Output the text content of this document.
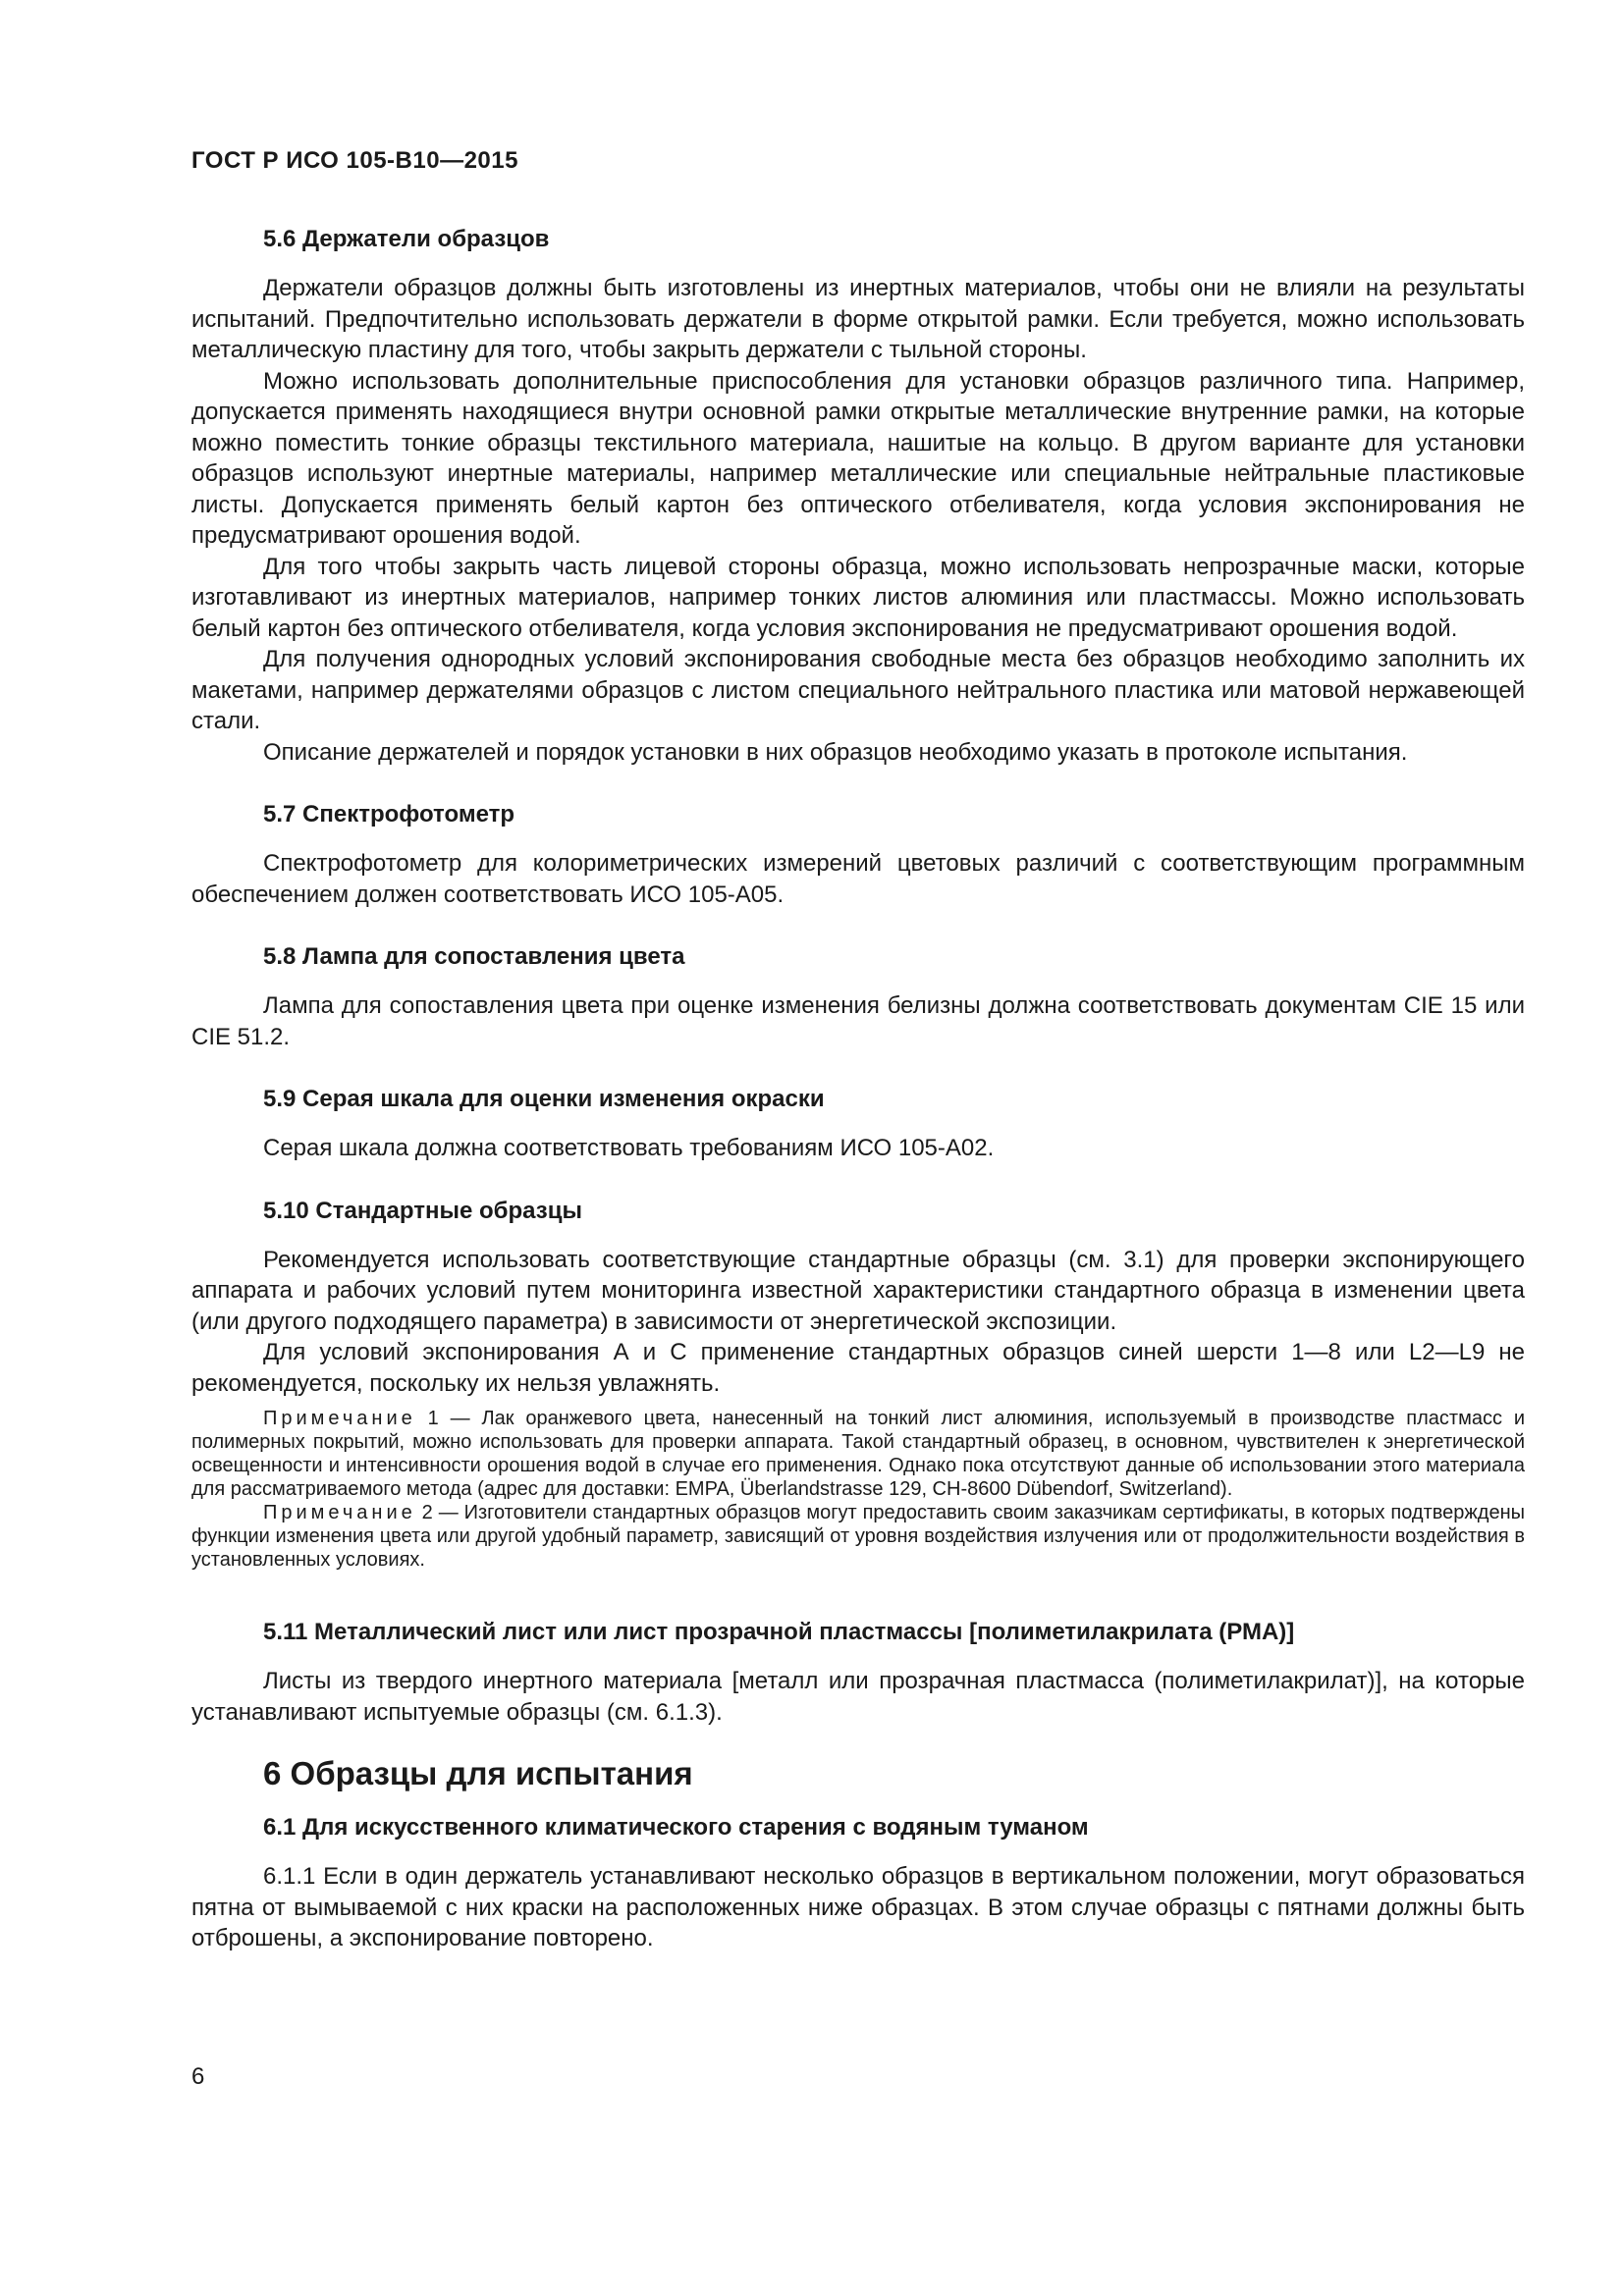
ГОСТ Р ИСО 105-В10—2015
5.6 Держатели образцов

Держатели образцов должны быть изготовлены из инертных материалов, чтобы они не влияли на результаты испытаний. Предпочтительно использовать держатели в форме открытой рамки. Если требуется, можно использовать металлическую пластину для того, чтобы закрыть держатели с тыльной стороны.

Можно использовать дополнительные приспособления для установки образцов различного типа. Например, допускается применять находящиеся внутри основной рамки открытые металлические внутренние рамки, на которые можно поместить тонкие образцы текстильного материала, нашитые на кольцо. В другом варианте для установки образцов используют инертные материалы, например металлические или специальные нейтральные пластиковые листы. Допускается применять белый картон без оптического отбеливателя, когда условия экспонирования не предусматривают орошения водой.

Для того чтобы закрыть часть лицевой стороны образца, можно использовать непрозрачные маски, которые изготавливают из инертных материалов, например тонких листов алюминия или пластмассы. Можно использовать белый картон без оптического отбеливателя, когда условия экспонирования не предусматривают орошения водой.

Для получения однородных условий экспонирования свободные места без образцов необходимо заполнить их макетами, например держателями образцов с листом специального нейтрального пластика или матовой нержавеющей стали.

Описание держателей и порядок установки в них образцов необходимо указать в протоколе испытания.

5.7 Спектрофотометр

Спектрофотометр для колориметрических измерений цветовых различий с соответствующим программным обеспечением должен соответствовать ИСО 105-А05.

5.8 Лампа для сопоставления цвета

Лампа для сопоставления цвета при оценке изменения белизны должна соответствовать документам CIE 15 или CIE 51.2.

5.9 Серая шкала для оценки изменения окраски

Серая шкала должна соответствовать требованиям ИСО 105-А02.

5.10 Стандартные образцы

Рекомендуется использовать соответствующие стандартные образцы (см. 3.1) для проверки экспонирующего аппарата и рабочих условий путем мониторинга известной характеристики стандартного образца в изменении цвета (или другого подходящего параметра) в зависимости от энергетической экспозиции.

Для условий экспонирования А и С применение стандартных образцов синей шерсти 1—8 или L2—L9 не рекомендуется, поскольку их нельзя увлажнять.

Примечание 1 — Лак оранжевого цвета, нанесенный на тонкий лист алюминия, используемый в производстве пластмасс и полимерных покрытий, можно использовать для проверки аппарата. Такой стандартный образец, в основном, чувствителен к энергетической освещенности и интенсивности орошения водой в случае его применения. Однако пока отсутствуют данные об использовании этого материала для рассматриваемого метода (адрес для доставки: EMPA, Überlandstrasse 129, CH-8600 Dübendorf, Switzerland).

Примечание 2 — Изготовители стандартных образцов могут предоставить своим заказчикам сертификаты, в которых подтверждены функции изменения цвета или другой удобный параметр, зависящий от уровня воздействия излучения или от продолжительности воздействия в установленных условиях.

5.11 Металлический лист или лист прозрачной пластмассы [полиметилакрилата (РМА)]

Листы из твердого инертного материала [металл или прозрачная пластмасса (полиметилакрилат)], на которые устанавливают испытуемые образцы (см. 6.1.3).

6 Образцы для испытания
6.1 Для искусственного климатического старения с водяным туманом

6.1.1 Если в один держатель устанавливают несколько образцов в вертикальном положении, могут образоваться пятна от вымываемой с них краски на расположенных ниже образцах. В этом случае образцы с пятнами должны быть отброшены, а экспонирование повторено.

6
